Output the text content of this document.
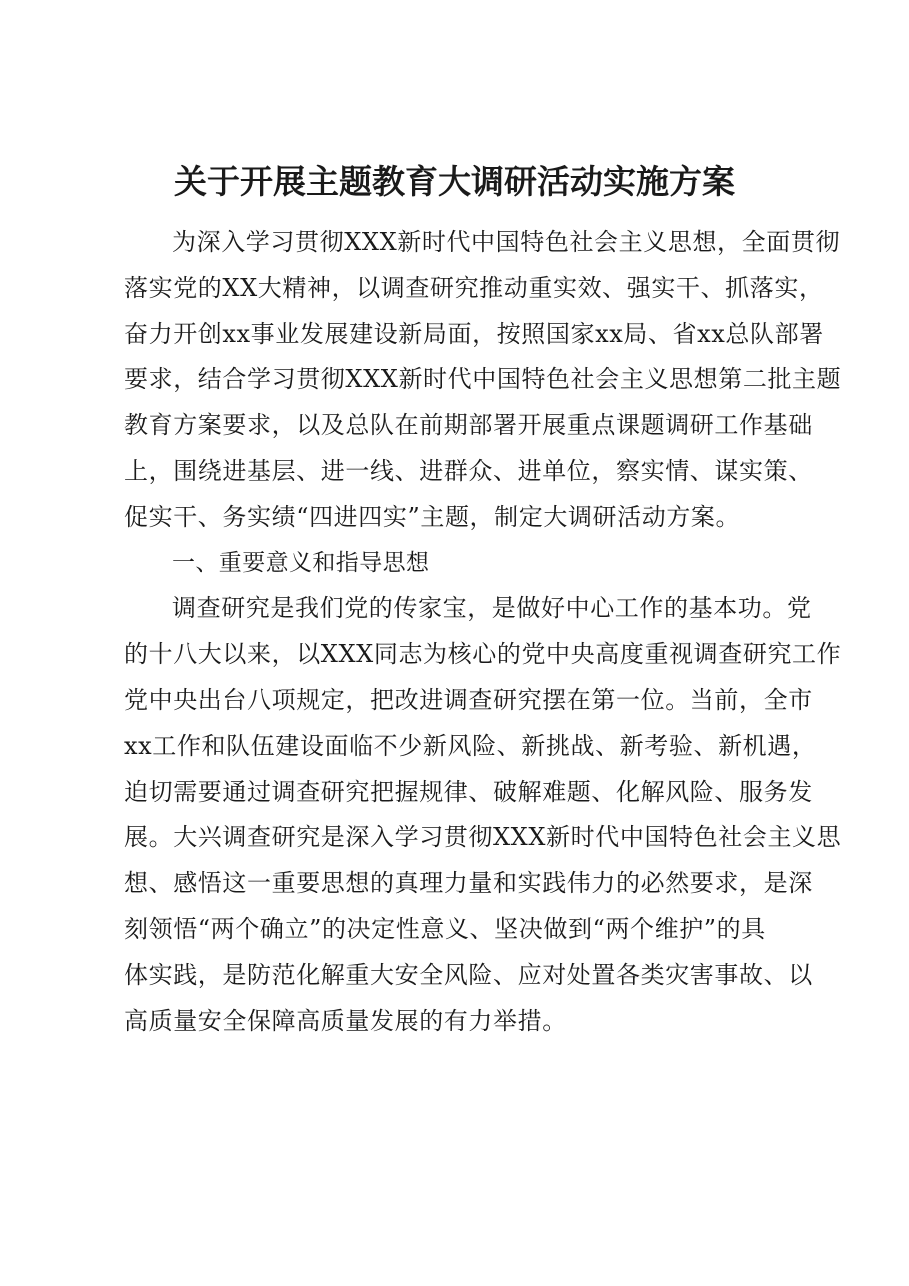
关于开展主题教育大调研活动实施方案
为深入学习贯彻XXX新时代中国特色社会主义思想，全面贯彻
落实党的XX大精神，以调查研究推动重实效、强实干、抓落实，
奋力开创xx事业发展建设新局面，按照国家xx局、省xx总队部署
要求，结合学习贯彻XXX新时代中国特色社会主义思想第二批主题
教育方案要求，以及总队在前期部署开展重点课题调研工作基础
上，围绕进基层、进一线、进群众、进单位，察实情、谋实策、
促实干、务实绩“四进四实”主题，制定大调研活动方案。
一、重要意义和指导思想
调查研究是我们党的传家宝，是做好中心工作的基本功。党
的十八大以来，以XXX同志为核心的党中央高度重视调查研究工作
党中央出台八项规定，把改进调查研究摆在第一位。当前，全市
xx工作和队伍建设面临不少新风险、新挑战、新考验、新机遇，
迫切需要通过调查研究把握规律、破解难题、化解风险、服务发
展。大兴调查研究是深入学习贯彻XXX新时代中国特色社会主义思
想、感悟这一重要思想的真理力量和实践伟力的必然要求，是深
刻领悟“两个确立”的决定性意义、坚决做到“两个维护”的具
体实践，是防范化解重大安全风险、应对处置各类灾害事故、以
高质量安全保障高质量发展的有力举措。
